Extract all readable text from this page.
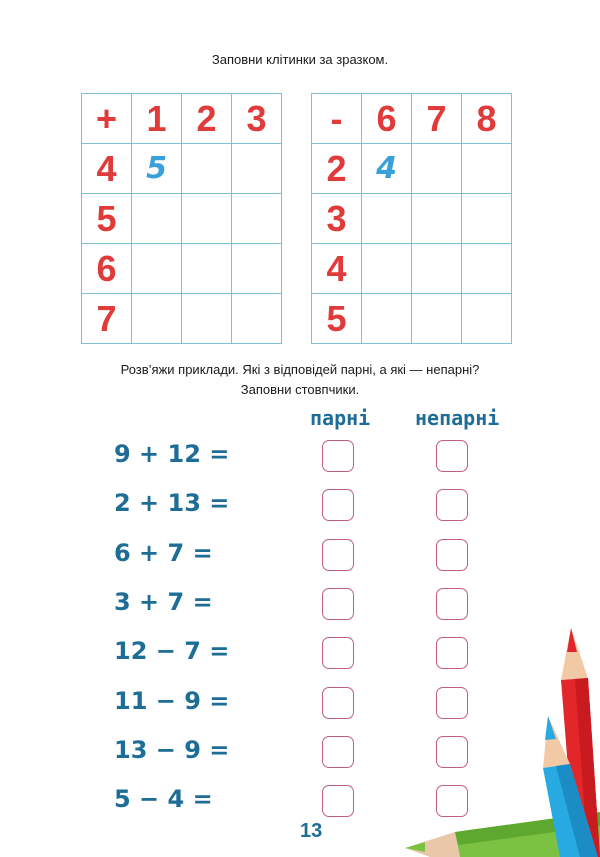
Заповни клітинки за зразком.
+ 1 2 3
4 5
5
6
7
- 6 7 8
2 4
3
4
5
Розв’яжи приклади. Які з відповідей парні, а які — непарні?
Заповни стовпчики.
парні непарні
9 + 12 =
2 + 13 =
6 + 7 =
3 + 7 =
12 − 7 =
11 − 9 =
13 − 9 =
5 − 4 =
13
